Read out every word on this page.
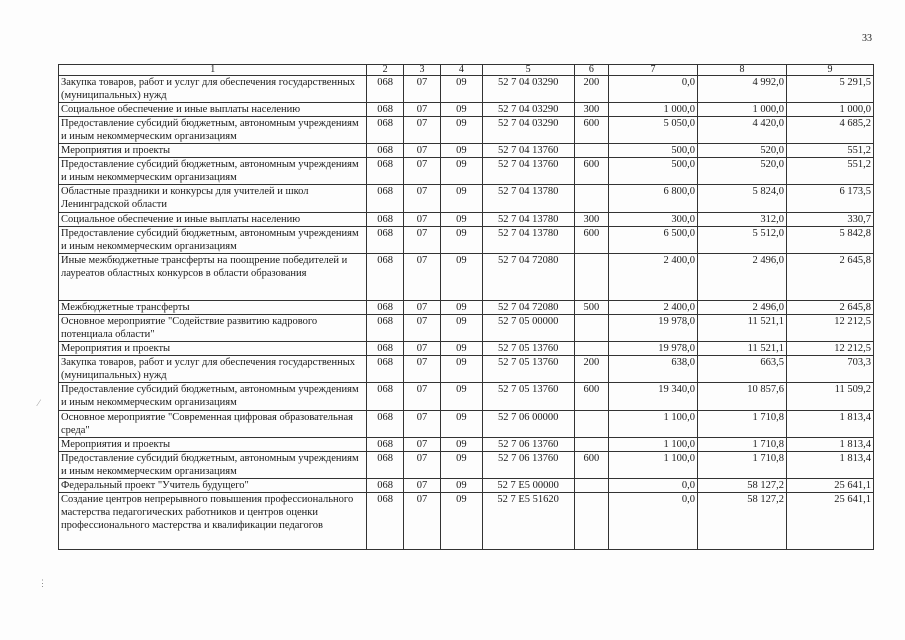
33
⋮
⁄
1	2	3	4	5	6	7	8	9
Закупка товаров, работ и услуг для обеспечения государственных (муниципальных) нужд	068	07	09	52 7 04 03290	200	0,0	4 992,0	5 291,5
Социальное обеспечение и иные выплаты населению	068	07	09	52 7 04 03290	300	1 000,0	1 000,0	1 000,0
Предоставление субсидий бюджетным, автономным учреждениям и иным некоммерческим организациям	068	07	09	52 7 04 03290	600	5 050,0	4 420,0	4 685,2
Мероприятия и проекты	068	07	09	52 7 04 13760		500,0	520,0	551,2
Предоставление субсидий бюджетным, автономным учреждениям и иным некоммерческим организациям	068	07	09	52 7 04 13760	600	500,0	520,0	551,2
Областные праздники и конкурсы для учителей и школ Ленинградской области	068	07	09	52 7 04 13780		6 800,0	5 824,0	6 173,5
Социальное обеспечение и иные выплаты населению	068	07	09	52 7 04 13780	300	300,0	312,0	330,7
Предоставление субсидий бюджетным, автономным учреждениям и иным некоммерческим организациям	068	07	09	52 7 04 13780	600	6 500,0	5 512,0	5 842,8
Иные межбюджетные трансферты на поощрение победителей и лауреатов областных конкурсов в области образования	068	07	09	52 7 04 72080		2 400,0	2 496,0	2 645,8
Межбюджетные трансферты	068	07	09	52 7 04 72080	500	2 400,0	2 496,0	2 645,8
Основное мероприятие "Содействие развитию кадрового потенциала области"	068	07	09	52 7 05 00000		19 978,0	11 521,1	12 212,5
Мероприятия и проекты	068	07	09	52 7 05 13760		19 978,0	11 521,1	12 212,5
Закупка товаров, работ и услуг для обеспечения государственных (муниципальных) нужд	068	07	09	52 7 05 13760	200	638,0	663,5	703,3
Предоставление субсидий бюджетным, автономным учреждениям и иным некоммерческим организациям	068	07	09	52 7 05 13760	600	19 340,0	10 857,6	11 509,2
Основное мероприятие "Современная цифровая образовательная среда"	068	07	09	52 7 06 00000		1 100,0	1 710,8	1 813,4
Мероприятия и проекты	068	07	09	52 7 06 13760		1 100,0	1 710,8	1 813,4
Предоставление субсидий бюджетным, автономным учреждениям и иным некоммерческим организациям	068	07	09	52 7 06 13760	600	1 100,0	1 710,8	1 813,4
Федеральный проект "Учитель будущего"	068	07	09	52 7 E5 00000		0,0	58 127,2	25 641,1
Создание центров непрерывного повышения профессионального мастерства педагогических работников и центров оценки профессионального мастерства и квалификации педагогов	068	07	09	52 7 E5 51620		0,0	58 127,2	25 641,1
